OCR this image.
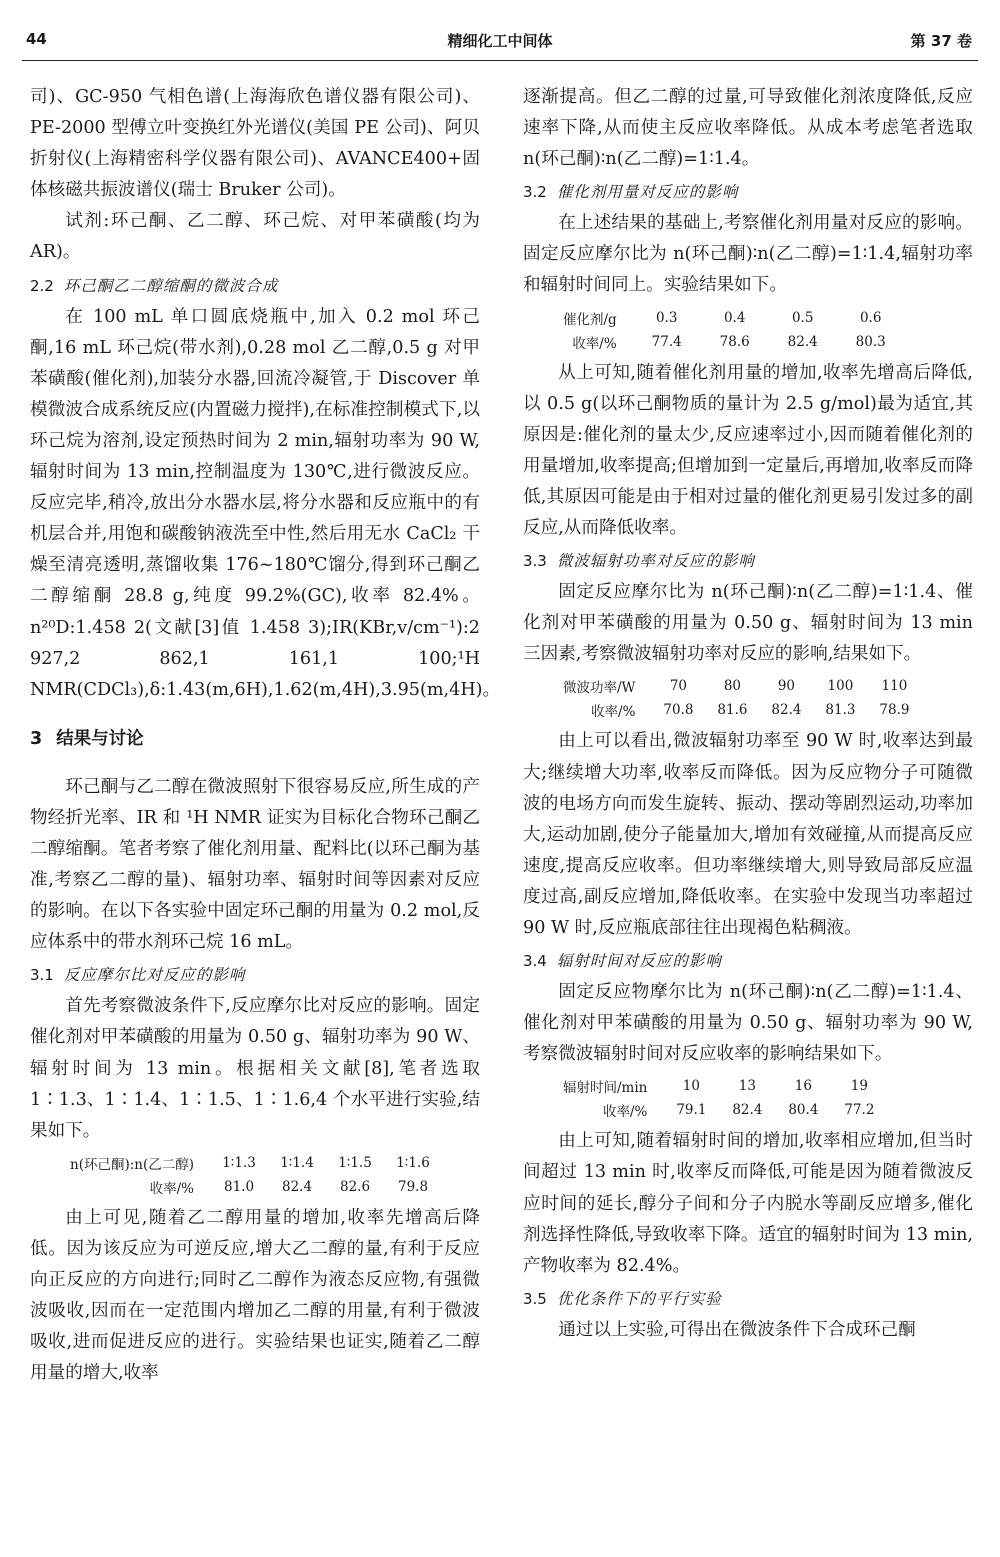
44	精细化工中间体	第 37 卷

司)、GC-950 气相色谱(上海海欣色谱仪器有限公司)、PE-2000 型傅立叶变换红外光谱仪(美国 PE 公司)、阿贝折射仪(上海精密科学仪器有限公司)、AVANCE400+固体核磁共振波谱仪(瑞士 Bruker 公司)。

试剂:环己酮、乙二醇、环己烷、对甲苯磺酸(均为AR)。

2.2 环己酮乙二醇缩酮的微波合成

在 100 mL 单口圆底烧瓶中,加入 0.2 mol 环己酮,16 mL 环己烷(带水剂),0.28 mol 乙二醇,0.5 g 对甲苯磺酸(催化剂),加装分水器,回流冷凝管,于 Discover 单模微波合成系统反应(内置磁力搅拌),在标准控制模式下,以环己烷为溶剂,设定预热时间为 2 min,辐射功率为 90 W,辐射时间为 13 min,控制温度为 130℃,进行微波反应。反应完毕,稍冷,放出分水器水层,将分水器和反应瓶中的有机层合并,用饱和碳酸钠液洗至中性,然后用无水 CaCl₂ 干燥至清亮透明,蒸馏收集 176~180℃馏分,得到环己酮乙二醇缩酮 28.8 g,纯度 99.2%(GC),收率 82.4%。n²⁰D:1.458 2(文献[3]值 1.458 3);IR(KBr,v/cm⁻¹):2 927,2 862,1 161,1 100;¹H NMR(CDCl₃),δ:1.43(m,6H),1.62(m,4H),3.95(m,4H)。

3 结果与讨论

环己酮与乙二醇在微波照射下很容易反应,所生成的产物经折光率、IR 和 ¹H NMR 证实为目标化合物环己酮乙二醇缩酮。笔者考察了催化剂用量、配料比(以环己酮为基准,考察乙二醇的量)、辐射功率、辐射时间等因素对反应的影响。在以下各实验中固定环己酮的用量为 0.2 mol,反应体系中的带水剂环己烷 16 mL。

3.1 反应摩尔比对反应的影响

首先考察微波条件下,反应摩尔比对反应的影响。固定催化剂对甲苯磺酸的用量为 0.50 g、辐射功率为 90 W、辐射时间为 13 min。根据相关文献[8],笔者选取 1∶1.3、1∶1.4、1∶1.5、1∶1.6,4 个水平进行实验,结果如下。

n(环己酮):n(乙二醇)	1∶1.3	1∶1.4	1∶1.5	1∶1.6
收率/%	81.0	82.4	82.6	79.8

由上可见,随着乙二醇用量的增加,收率先增高后降低。因为该反应为可逆反应,增大乙二醇的量,有利于反应向正反应的方向进行;同时乙二醇作为液态反应物,有强微波吸收,因而在一定范围内增加乙二醇的用量,有利于微波吸收,进而促进反应的进行。实验结果也证实,随着乙二醇用量的增大,收率

逐渐提高。但乙二醇的过量,可导致催化剂浓度降低,反应速率下降,从而使主反应收率降低。从成本考虑笔者选取 n(环己酮)∶n(乙二醇)=1∶1.4。

3.2 催化剂用量对反应的影响

在上述结果的基础上,考察催化剂用量对反应的影响。固定反应摩尔比为 n(环己酮)∶n(乙二醇)=1∶1.4,辐射功率和辐射时间同上。实验结果如下。

催化剂/g	0.3	0.4	0.5	0.6
收率/%	77.4	78.6	82.4	80.3

从上可知,随着催化剂用量的增加,收率先增高后降低,以 0.5 g(以环己酮物质的量计为 2.5 g/mol)最为适宜,其原因是:催化剂的量太少,反应速率过小,因而随着催化剂的用量增加,收率提高;但增加到一定量后,再增加,收率反而降低,其原因可能是由于相对过量的催化剂更易引发过多的副反应,从而降低收率。

3.3 微波辐射功率对反应的影响

固定反应摩尔比为 n(环己酮)∶n(乙二醇)=1∶1.4、催化剂对甲苯磺酸的用量为 0.50 g、辐射时间为 13 min 三因素,考察微波辐射功率对反应的影响,结果如下。

微波功率/W	70	80	90	100	110
收率/%	70.8	81.6	82.4	81.3	78.9

由上可以看出,微波辐射功率至 90 W 时,收率达到最大;继续增大功率,收率反而降低。因为反应物分子可随微波的电场方向而发生旋转、振动、摆动等剧烈运动,功率加大,运动加剧,使分子能量加大,增加有效碰撞,从而提高反应速度,提高反应收率。但功率继续增大,则导致局部反应温度过高,副反应增加,降低收率。在实验中发现当功率超过 90 W 时,反应瓶底部往往出现褐色粘稠液。

3.4 辐射时间对反应的影响

固定反应物摩尔比为 n(环己酮)∶n(乙二醇)=1∶1.4、催化剂对甲苯磺酸的用量为 0.50 g、辐射功率为 90 W,考察微波辐射时间对反应收率的影响结果如下。

辐射时间/min	10	13	16	19
收率/%	79.1	82.4	80.4	77.2

由上可知,随着辐射时间的增加,收率相应增加,但当时间超过 13 min 时,收率反而降低,可能是因为随着微波反应时间的延长,醇分子间和分子内脱水等副反应增多,催化剂选择性降低,导致收率下降。适宜的辐射时间为 13 min,产物收率为 82.4%。

3.5 优化条件下的平行实验

通过以上实验,可得出在微波条件下合成环己酮
